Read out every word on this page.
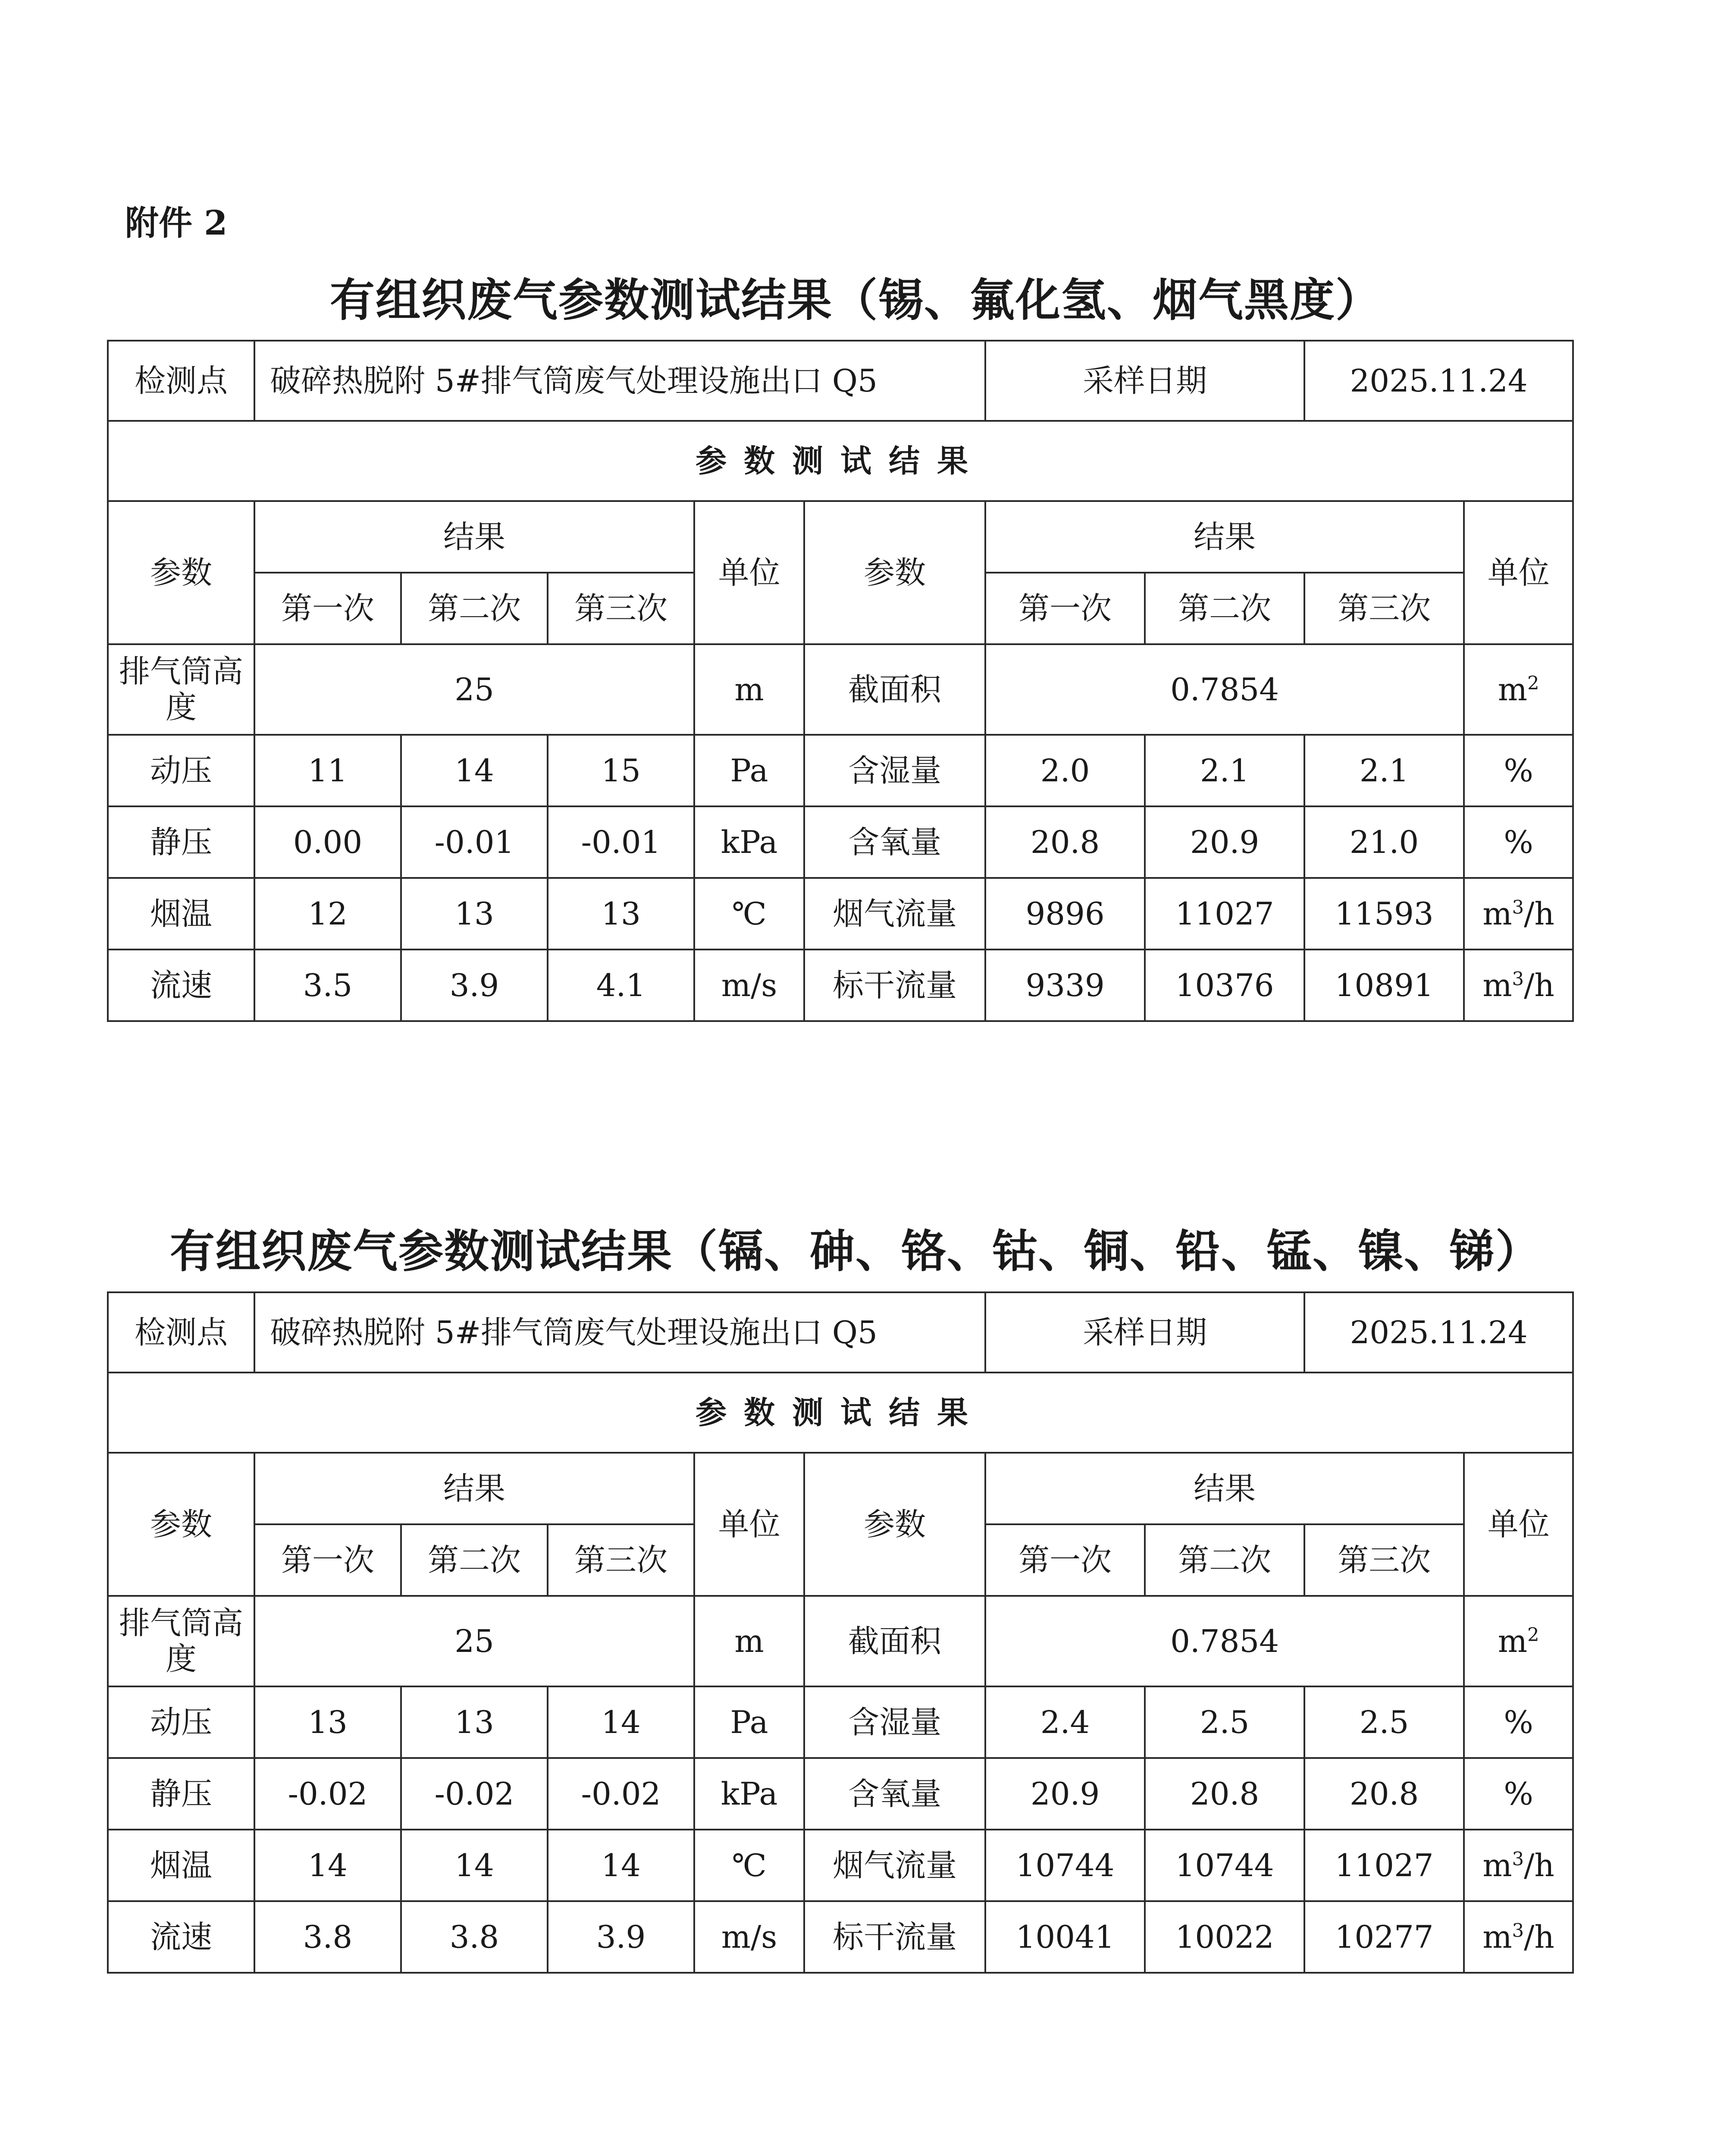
附件 2
有组织废气参数测试结果（锡、氟化氢、烟气黑度）
检测点	破碎热脱附 5#排气筒废气处理设施出口 Q5					采样日期		2025.11.24	
参数测试结果									
参数	结果			单位	参数	结果			单位
	第一次	第二次	第三次			第一次	第二次	第三次	
排气筒高度	25			m	截面积	0.7854			$m^2$
动压	11	14	15	Pa	含湿量	2.0	2.1	2.1	%
静压	0.00	-0.01	-0.01	kPa	含氧量	20.8	20.9	21.0	%
烟温	12	13	13	℃	烟气流量	9896	11027	11593	$m^3/h$
流速	3.5	3.9	4.1	m/s	标干流量	9339	10376	10891	$m^3/h$
有组织废气参数测试结果（镉、砷、铬、钴、铜、铅、锰、镍、锑）
检测点	破碎热脱附 5#排气筒废气处理设施出口 Q5					采样日期		2025.11.24	
参数测试结果									
参数	结果			单位	参数	结果			单位
	第一次	第二次	第三次			第一次	第二次	第三次	
排气筒高度	25			m	截面积	0.7854			$m^2$
动压	13	13	14	Pa	含湿量	2.4	2.5	2.5	%
静压	-0.02	-0.02	-0.02	kPa	含氧量	20.9	20.8	20.8	%
烟温	14	14	14	℃	烟气流量	10744	10744	11027	$m^3/h$
流速	3.8	3.8	3.9	m/s	标干流量	10041	10022	10277	$m^3/h$
